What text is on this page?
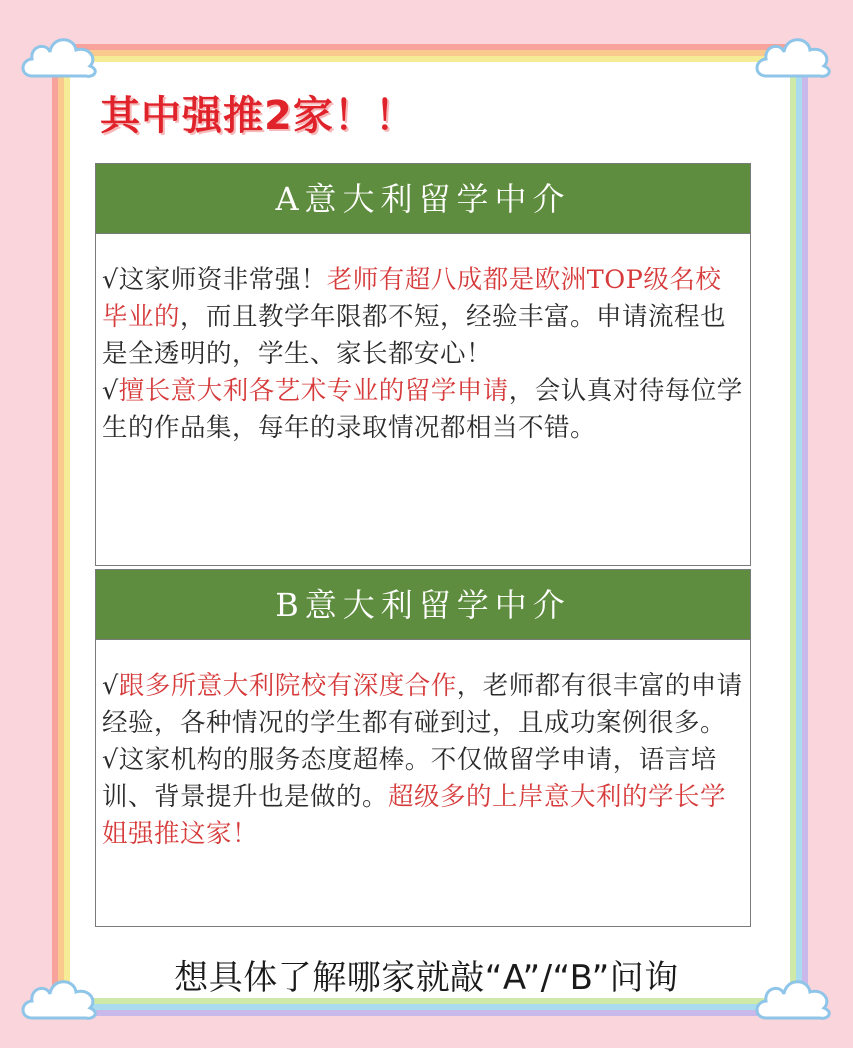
其中强推2家！！
A意大利留学中介

√这家师资非常强！老师有超八成都是欧洲TOP级名校毕业的，而且教学年限都不短，经验丰富。申请流程也是全透明的，学生、家长都安心！

√擅长意大利各艺术专业的留学申请，会认真对待每位学生的作品集，每年的录取情况都相当不错。

B意大利留学中介

√跟多所意大利院校有深度合作，老师都有很丰富的申请经验，各种情况的学生都有碰到过，且成功案例很多。

√这家机构的服务态度超棒。不仅做留学申请，语言培训、背景提升也是做的。超级多的上岸意大利的学长学姐强推这家！

想具体了解哪家就敲“A”/“B”问询
